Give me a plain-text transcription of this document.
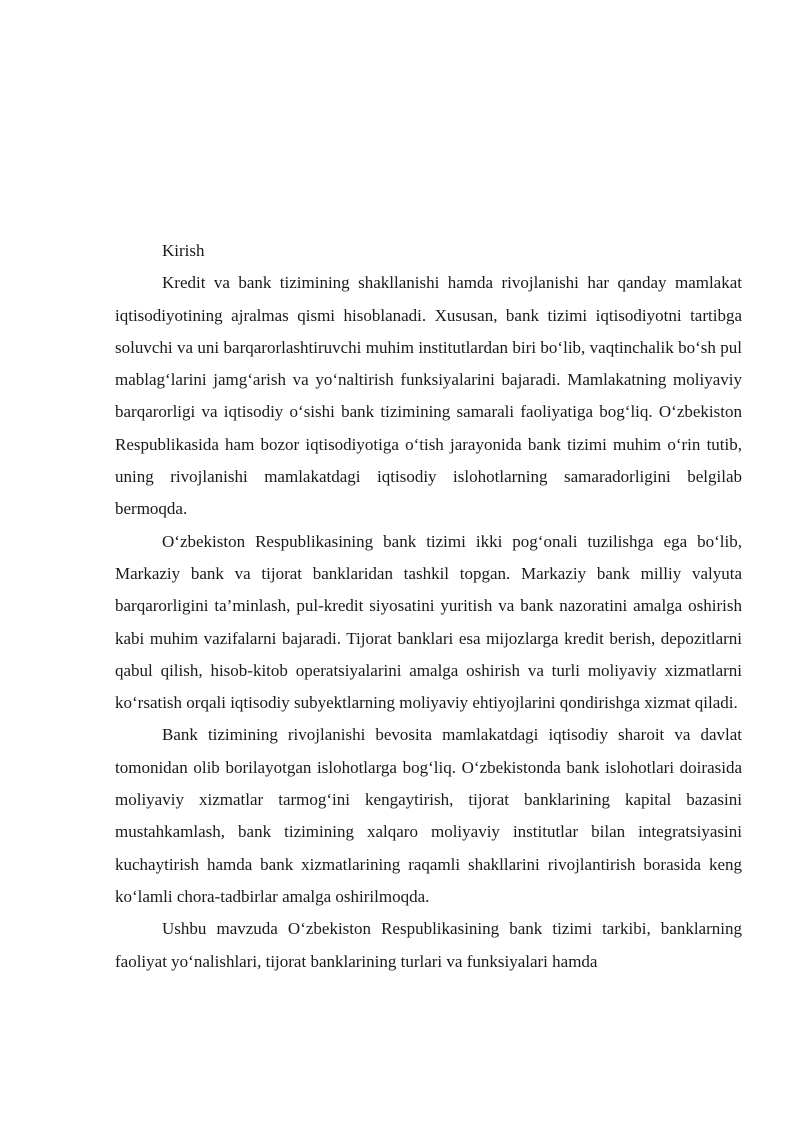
Kirish

Kredit va bank tizimining shakllanishi hamda rivojlanishi har qanday mamlakat iqtisodiyotining ajralmas qismi hisoblanadi. Xususan, bank tizimi iqtisodiyotni tartibga soluvchi va uni barqarorlashtiruvchi muhim institutlardan biri bo‘lib, vaqtinchalik bo‘sh pul mablag‘larini jamg‘arish va yo‘naltirish funksiyalarini bajaradi. Mamlakatning moliyaviy barqarorligi va iqtisodiy o‘sishi bank tizimining samarali faoliyatiga bog‘liq. O‘zbekiston Respublikasida ham bozor iqtisodiyotiga o‘tish jarayonida bank tizimi muhim o‘rin tutib, uning rivojlanishi mamlakatdagi iqtisodiy islohotlarning samaradorligini belgilab bermoqda.

O‘zbekiston Respublikasining bank tizimi ikki pog‘onali tuzilishga ega bo‘lib, Markaziy bank va tijorat banklaridan tashkil topgan. Markaziy bank milliy valyuta barqarorligini ta’minlash, pul-kredit siyosatini yuritish va bank nazoratini amalga oshirish kabi muhim vazifalarni bajaradi. Tijorat banklari esa mijozlarga kredit berish, depozitlarni qabul qilish, hisob-kitob operatsiyalarini amalga oshirish va turli moliyaviy xizmatlarni ko‘rsatish orqali iqtisodiy subyektlarning moliyaviy ehtiyojlarini qondirishga xizmat qiladi.

Bank tizimining rivojlanishi bevosita mamlakatdagi iqtisodiy sharoit va davlat tomonidan olib borilayotgan islohotlarga bog‘liq. O‘zbekistonda bank islohotlari doirasida moliyaviy xizmatlar tarmog‘ini kengaytirish, tijorat banklarining kapital bazasini mustahkamlash, bank tizimining xalqaro moliyaviy institutlar bilan integratsiyasini kuchaytirish hamda bank xizmatlarining raqamli shakllarini rivojlantirish borasida keng ko‘lamli chora-tadbirlar amalga oshirilmoqda.

Ushbu mavzuda O‘zbekiston Respublikasining bank tizimi tarkibi, banklarning faoliyat yo‘nalishlari, tijorat banklarining turlari va funksiyalari hamda
